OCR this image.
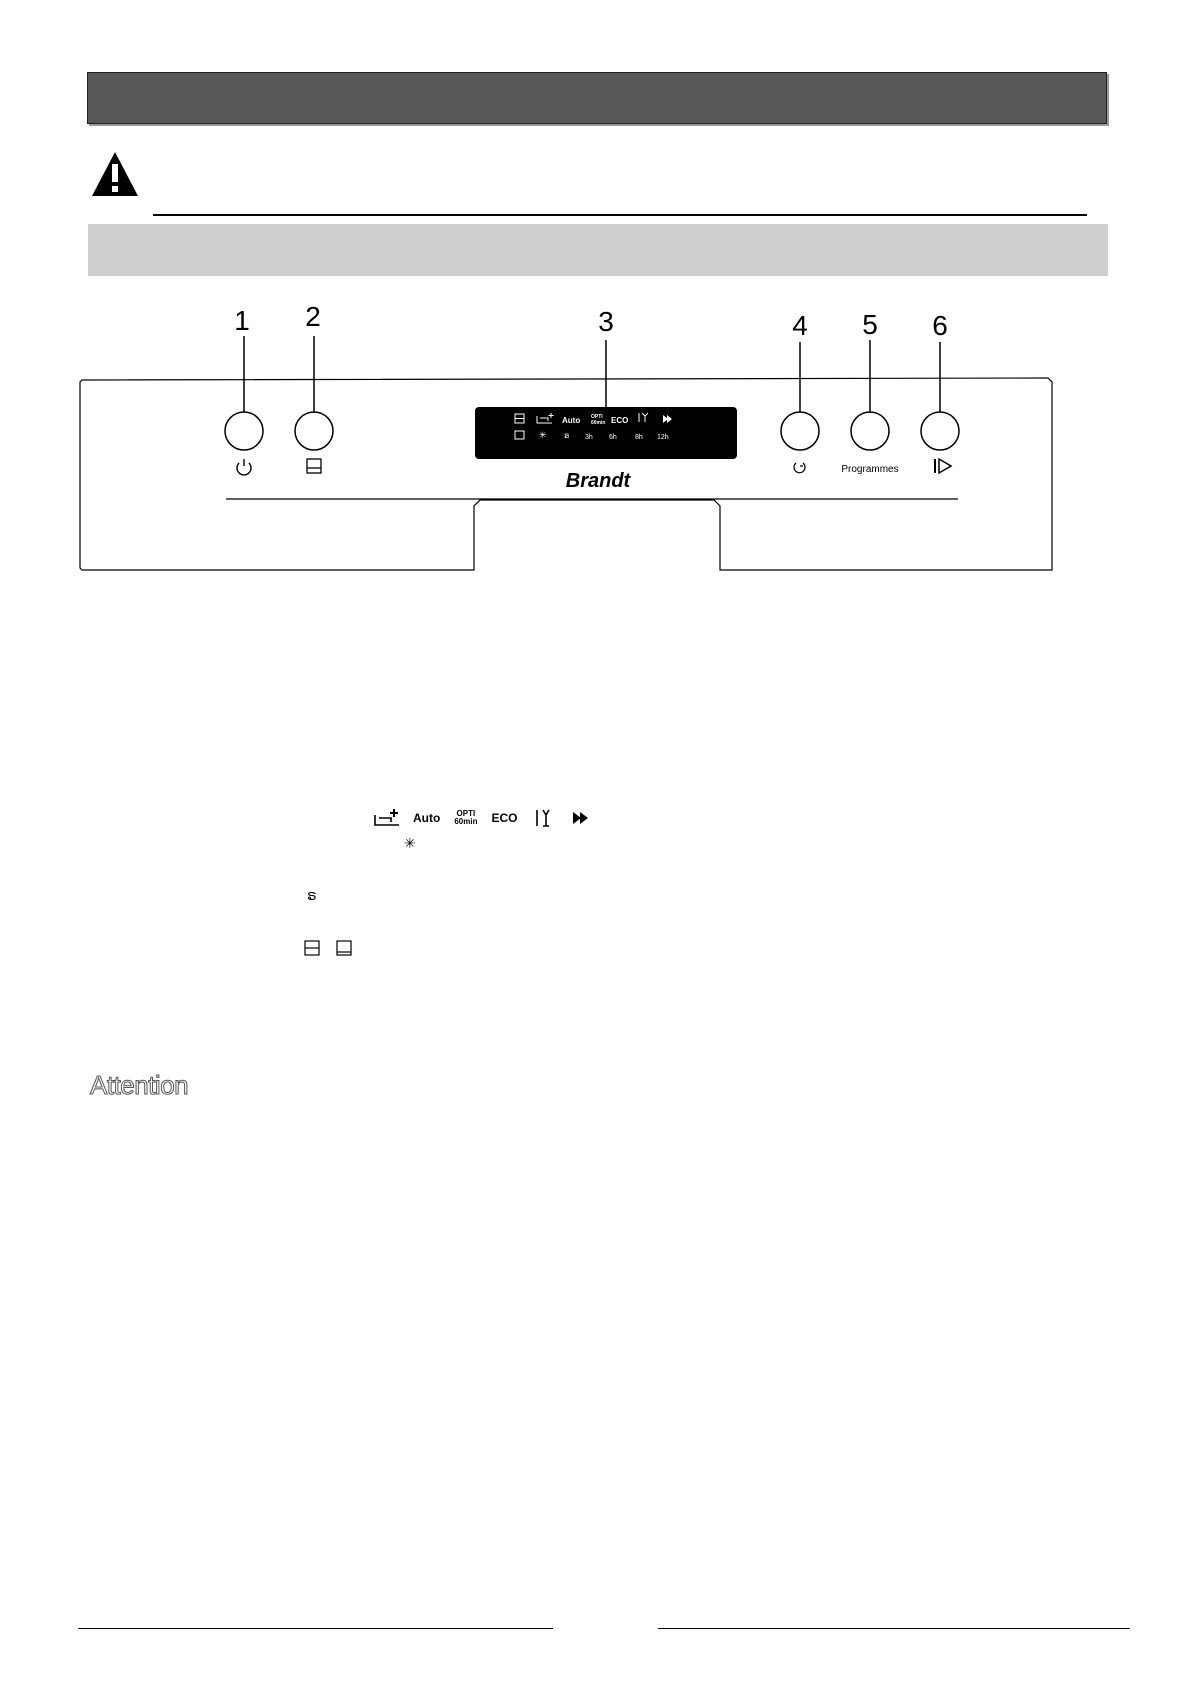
1 2	3	4 5 6
Programmes
Auto OPTI
60min ECO
✳ ຣ 3h 6h	8h 12h
Brandt
Auto OPTI
60min ECO
✳
ຣ
Attention
